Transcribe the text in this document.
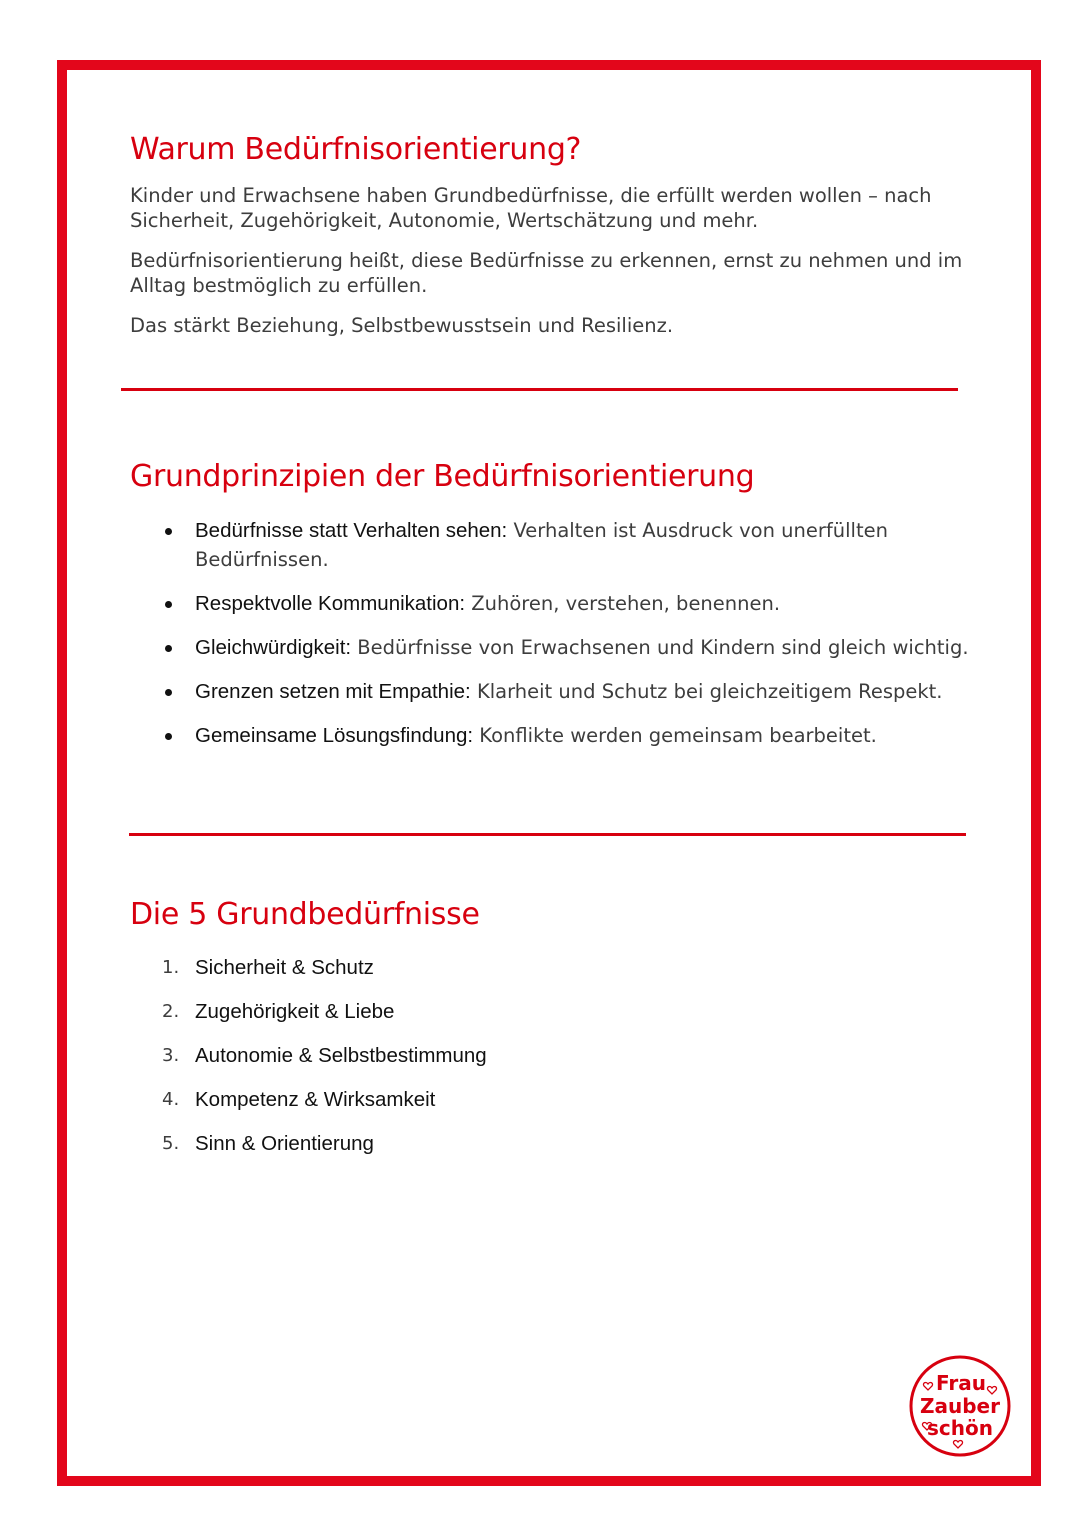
Warum Bedürfnisorientierung?

Kinder und Erwachsene haben Grundbedürfnisse, die erfüllt werden wollen – nach Sicherheit, Zugehörigkeit, Autonomie, Wertschätzung und mehr.

Bedürfnisorientierung heißt, diese Bedürfnisse zu erkennen, ernst zu nehmen und im Alltag bestmöglich zu erfüllen.

Das stärkt Beziehung, Selbstbewusstsein und Resilienz.

Grundprinzipien der Bedürfnisorientierung
Bedürfnisse statt Verhalten sehen: Verhalten ist Ausdruck von unerfüllten Bedürfnissen.
Respektvolle Kommunikation: Zuhören, verstehen, benennen.
Gleichwürdigkeit: Bedürfnisse von Erwachsenen und Kindern sind gleich wichtig.
Grenzen setzen mit Empathie: Klarheit und Schutz bei gleichzeitigem Respekt.
Gemeinsame Lösungsfindung: Konflikte werden gemeinsam bearbeitet.
Die 5 Grundbedürfnisse
1. Sicherheit & Schutz
2. Zugehörigkeit & Liebe
3. Autonomie & Selbstbestimmung
4. Kompetenz & Wirksamkeit
5. Sinn & Orientierung
Frau
Zauber
schön
